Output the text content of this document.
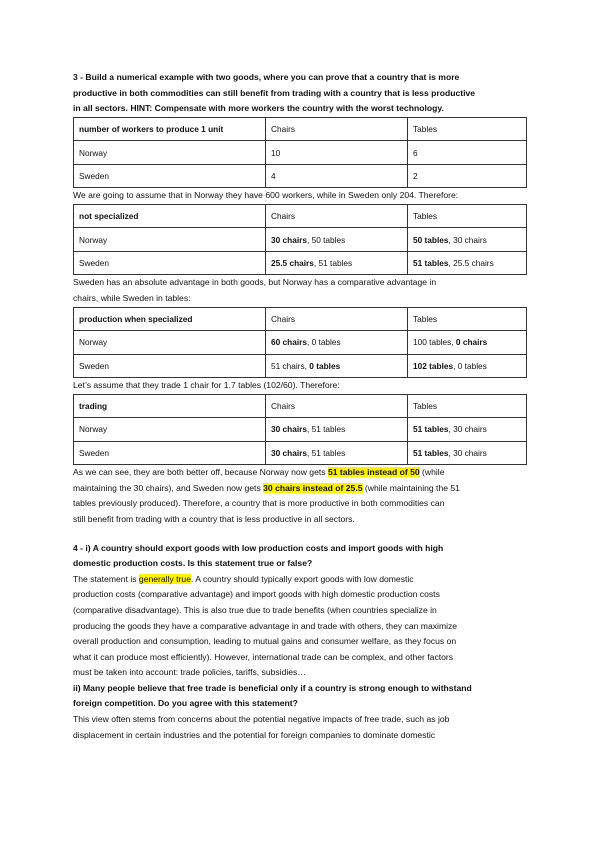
3 - Build a numerical example with two goods, where you can prove that a country that is more

productive in both commodities can still benefit from trading with a country that is less productive

in all sectors. HINT: Compensate with more workers the country with the worst technology.

number of workers to produce 1 unit	Chairs	Tables
Norway	10	6
Sweden	4	2

We are going to assume that in Norway they have 600 workers, while in Sweden only 204. Therefore:

not specialized	Chairs	Tables
Norway	30 chairs, 50 tables	50 tables, 30 chairs
Sweden	25.5 chairs, 51 tables	51 tables, 25.5 chairs

Sweden has an absolute advantage in both goods, but Norway has a comparative advantage in

chairs, while Sweden in tables:

production when specialized	Chairs	Tables
Norway	60 chairs, 0 tables	100 tables, 0 chairs
Sweden	51 chairs, 0 tables	102 tables, 0 tables

Let’s assume that they trade 1 chair for 1.7 tables (102/60). Therefore:

trading	Chairs	Tables
Norway	30 chairs, 51 tables	51 tables, 30 chairs
Sweden	30 chairs, 51 tables	51 tables, 30 chairs

As we can see, they are both better off, because Norway now gets 51 tables instead of 50 (while

maintaining the 30 chairs), and Sweden now gets 30 chairs instead of 25.5 (while maintaining the 51

tables previously produced). Therefore, a country that is more productive in both commodities can

still benefit from trading with a country that is less productive in all sectors.

4 - i) A country should export goods with low production costs and import goods with high

domestic production costs. Is this statement true or false?

The statement is generally true. A country should typically export goods with low domestic

production costs (comparative advantage) and import goods with high domestic production costs

(comparative disadvantage). This is also true due to trade benefits (when countries specialize in

producing the goods they have a comparative advantage in and trade with others, they can maximize

overall production and consumption, leading to mutual gains and consumer welfare, as they focus on

what it can produce most efficiently). However, international trade can be complex, and other factors

must be taken into account: trade policies, tariffs, subsidies…

ii) Many people believe that free trade is beneficial only if a country is strong enough to withstand

foreign competition. Do you agree with this statement?

This view often stems from concerns about the potential negative impacts of free trade, such as job

displacement in certain industries and the potential for foreign companies to dominate domestic
